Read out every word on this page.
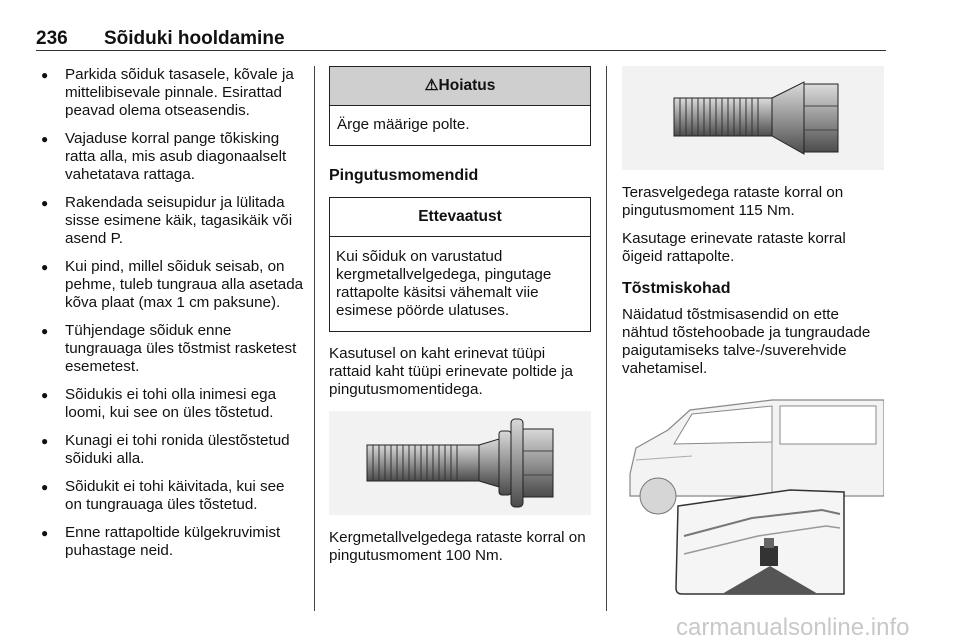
236 Sõiduki hooldamine
● Parkida sõiduk tasasele, kõvale ja mittelibisevale pinnale. Esirattad peavad olema otseasendis.
● Vajaduse korral pange tõkisking ratta alla, mis asub diagonaalselt vahetatava rattaga.
● Rakendada seisupidur ja lülitada sisse esimene käik, tagasikäik või asend P.
● Kui pind, millel sõiduk seisab, on pehme, tuleb tungraua alla asetada kõva plaat (max 1 cm paksune).
● Tühjendage sõiduk enne tungrauaga üles tõstmist rasketest esemetest.
● Sõidukis ei tohi olla inimesi ega loomi, kui see on üles tõstetud.
● Kunagi ei tohi ronida ülestõstetud sõiduki alla.
● Sõidukit ei tohi käivitada, kui see on tungrauaga üles tõstetud.
● Enne rattapoltide külgekruvimist puhastage neid.
⚠Hoiatus
Ärge määrige polte.
Pingutusmomendid
Ettevaatust
Kui sõiduk on varustatud kergmetallvelgedega, pingutage rattapolte käsitsi vähemalt viie esimese pöörde ulatuses.

Kasutusel on kaht erinevat tüüpi rattaid kaht tüüpi erinevate poltide ja pingutusmomentidega.

Kergmetallvelgedega rataste korral on pingutusmoment 100 Nm.

Terasvelgedega rataste korral on pingutusmoment 115 Nm.

Kasutage erinevate rataste korral õigeid rattapolte.

Tõstmiskohad

Näidatud tõstmisasendid on ette nähtud tõstehoobade ja tungraudade paigutamiseks talve-/suverehvide vahetamisel.

carmanualsonline.info
